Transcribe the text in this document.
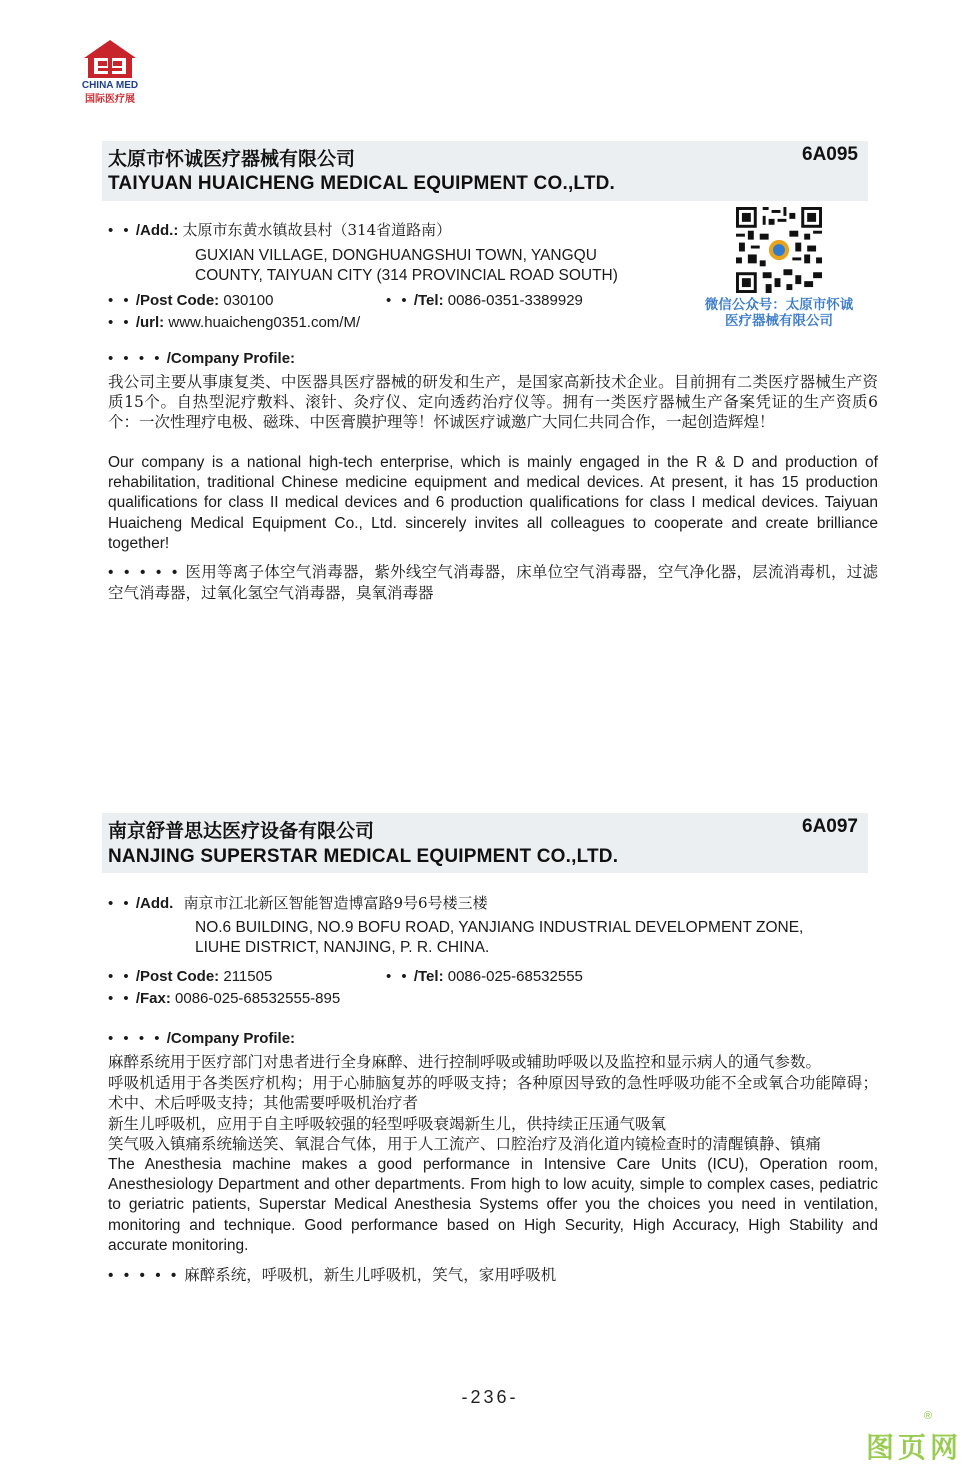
CHINA MED
国际医疗展
太原市怀诚医疗器械有限公司
TAIYUAN HUAICHENG MEDICAL EQUIPMENT CO.,LTD.
6A095
• • /Add.: 太原市东黄水镇故县村（314省道路南）
GUXIAN VILLAGE, DONGHUANGSHUI TOWN, YANGQU
COUNTY, TAIYUAN CITY (314 PROVINCIAL ROAD SOUTH)
• • /Post Code: 030100	• • /Tel: 0086-0351-3389929
• • /url: www.huaicheng0351.com/M/
微信公众号：太原市怀诚
医疗器械有限公司
• • • • /Company Profile:

我公司主要从事康复类、中医器具医疗器械的研发和生产，是国家高新技术企业。目前拥有二类医疗器械生产资质15个。自热型泥疗敷料、滚针、灸疗仪、定向透药治疗仪等。拥有一类医疗器械生产备案凭证的生产资质6个：一次性理疗电极、磁珠、中医膏膜护理等！怀诚医疗诚邀广大同仁共同合作，一起创造辉煌！

Our company is a national high-tech enterprise, which is mainly engaged in the R & D and production of rehabilitation, traditional Chinese medicine equipment and medical devices. At present, it has 15 production qualifications for class II medical devices and 6 production qualifications for class I medical devices. Taiyuan Huaicheng Medical Equipment Co., Ltd. sincerely invites all colleagues to cooperate and create brilliance together!

• • • • • 医用等离子体空气消毒器，紫外线空气消毒器，床单位空气消毒器，空气净化器，层流消毒机，过滤空气消毒器，过氧化氢空气消毒器，臭氧消毒器
南京舒普思达医疗设备有限公司
NANJING SUPERSTAR MEDICAL EQUIPMENT CO.,LTD.
6A097
• • /Add. 南京市江北新区智能智造博富路9号6号楼三楼
NO.6 BUILDING, NO.9 BOFU ROAD, YANJIANG INDUSTRIAL DEVELOPMENT ZONE,
LIUHE DISTRICT, NANJING, P. R. CHINA.
• • /Post Code: 211505	• • /Tel: 0086-025-68532555
• • /Fax: 0086-025-68532555-895
• • • • /Company Profile:

麻醉系统用于医疗部门对患者进行全身麻醉、进行控制呼吸或辅助呼吸以及监控和显示病人的通气参数。

呼吸机适用于各类医疗机构；用于心肺脑复苏的呼吸支持；各种原因导致的急性呼吸功能不全或氧合功能障碍；术中、术后呼吸支持；其他需要呼吸机治疗者

新生儿呼吸机，应用于自主呼吸较强的轻型呼吸衰竭新生儿，供持续正压通气吸氧

笑气吸入镇痛系统输送笑、氧混合气体，用于人工流产、口腔治疗及消化道内镜检查时的清醒镇静、镇痛

The Anesthesia machine makes a good performance in Intensive Care Units (ICU), Operation room, Anesthesiology Department and other departments. From high to low acuity, simple to complex cases, pediatric to geriatric patients, Superstar Medical Anesthesia Systems offer you the choices you need in ventilation, monitoring and technique. Good performance based on High Security, High Accuracy, High Stability and accurate monitoring.

• • • • • 麻醉系统，呼吸机，新生儿呼吸机，笑气，家用呼吸机
-236-
®
图页网
